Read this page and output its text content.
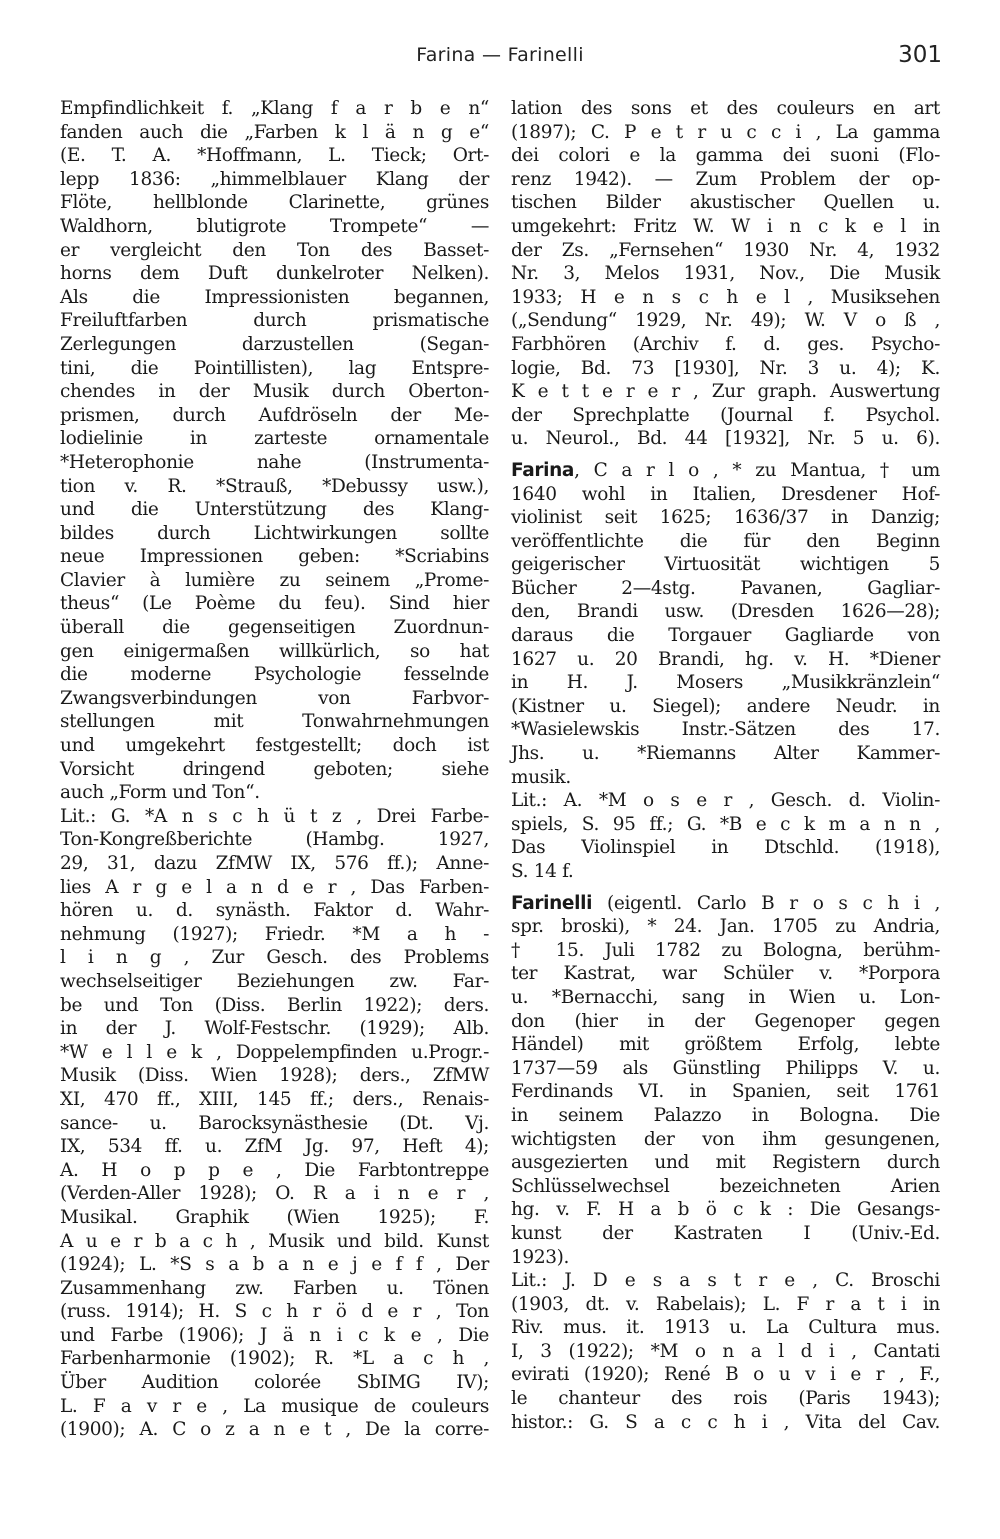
Farina — Farinelli	301
Empfindlichkeit f. „Klang f a r b e n“
fanden auch die „Farben k l ä n g e“
(E. T. A. *Hoffmann, L. Tieck; Ort-
lepp 1836: „himmelblauer Klang der
Flöte, hellblonde Clarinette, grünes
Waldhorn, blutigrote Trompete“ —
er vergleicht den Ton des Basset-
horns dem Duft dunkelroter Nelken).
Als die Impressionisten begannen,
Freiluftfarben durch prismatische
Zerlegungen darzustellen (Segan-
tini, die Pointillisten), lag Entspre-
chendes in der Musik durch Oberton-
prismen, durch Aufdröseln der Me-
lodielinie in zarteste ornamentale
*Heterophonie nahe (Instrumenta-
tion v. R. *Strauß, *Debussy usw.),
und die Unterstützung des Klang-
bildes durch Lichtwirkungen sollte
neue Impressionen geben: *Scriabins
Clavier à lumière zu seinem „Prome-
theus“ (Le Poème du feu). Sind hier
überall die gegenseitigen Zuordnun-
gen einigermaßen willkürlich, so hat
die moderne Psychologie fesselnde
Zwangsverbindungen von Farbvor-
stellungen mit Tonwahrnehmungen
und umgekehrt festgestellt; doch ist
Vorsicht dringend geboten; siehe
auch „Form und Ton“.
Lit.: G. *A n s c h ü t z , Drei Farbe-
Ton-Kongreßberichte (Hambg. 1927,
29, 31, dazu ZfMW IX, 576 ff.); Anne-
lies A r g e l a n d e r , Das Farben-
hören u. d. synästh. Faktor d. Wahr-
nehmung (1927); Friedr. *M a h -
l i n g , Zur Gesch. des Problems
wechselseitiger Beziehungen zw. Far-
be und Ton (Diss. Berlin 1922); ders.
in der J. Wolf-Festschr. (1929); Alb.
*W e l l e k , Doppelempfinden u.Progr.-
Musik (Diss. Wien 1928); ders., ZfMW
XI, 470 ff., XIII, 145 ff.; ders., Renais-
sance- u. Barocksynästhesie (Dt. Vj.
IX, 534 ff. u. ZfM Jg. 97, Heft 4);
A. H o p p e , Die Farbtontreppe
(Verden-Aller 1928); O. R a i n e r ,
Musikal. Graphik (Wien 1925); F.
A u e r b a c h , Musik und bild. Kunst
(1924); L. *S s a b a n e j e f f , Der
Zusammenhang zw. Farben u. Tönen
(russ. 1914); H. S c h r ö d e r , Ton
und Farbe (1906); J ä n i c k e , Die
Farbenharmonie (1902); R. *L a c h ,
Über Audition colorée SbIMG IV);
L. F a v r e , La musique de couleurs
(1900); A. C o z a n e t , De la corre-
lation des sons et des couleurs en art
(1897); C. P e t r u c c i , La gamma
dei colori e la gamma dei suoni (Flo-
renz 1942). — Zum Problem der op-
tischen Bilder akustischer Quellen u.
umgekehrt: Fritz W. W i n c k e l in
der Zs. „Fernsehen“ 1930 Nr. 4, 1932
Nr. 3, Melos 1931, Nov., Die Musik
1933; H e n s c h e l , Musiksehen
(„Sendung“ 1929, Nr. 49); W. V o ß ,
Farbhören (Archiv f. d. ges. Psycho-
logie, Bd. 73 [1930], Nr. 3 u. 4); K.
K e t t e r e r , Zur graph. Auswertung
der Sprechplatte (Journal f. Psychol.
u. Neurol., Bd. 44 [1932], Nr. 5 u. 6).
Farina, C a r l o , * zu Mantua, † um
1640 wohl in Italien, Dresdener Hof-
violinist seit 1625; 1636/37 in Danzig;
veröffentlichte die für den Beginn
geigerischer Virtuosität wichtigen 5
Bücher 2—4stg. Pavanen, Gagliar-
den, Brandi usw. (Dresden 1626—28);
daraus die Torgauer Gagliarde von
1627 u. 20 Brandi, hg. v. H. *Diener
in H. J. Mosers „Musikkränzlein“
(Kistner u. Siegel); andere Neudr. in
*Wasielewskis Instr.-Sätzen des 17.
Jhs. u. *Riemanns Alter Kammer-
musik.
Lit.: A. *M o s e r , Gesch. d. Violin-
spiels, S. 95 ff.; G. *B e c k m a n n ,
Das Violinspiel in Dtschld. (1918),
S. 14 f.
Farinelli (eigentl. Carlo B r o s c h i ,
spr. broski), * 24. Jan. 1705 zu Andria,
† 15. Juli 1782 zu Bologna, berühm-
ter Kastrat, war Schüler v. *Porpora
u. *Bernacchi, sang in Wien u. Lon-
don (hier in der Gegenoper gegen
Händel) mit größtem Erfolg, lebte
1737—59 als Günstling Philipps V. u.
Ferdinands VI. in Spanien, seit 1761
in seinem Palazzo in Bologna. Die
wichtigsten der von ihm gesungenen,
ausgezierten und mit Registern durch
Schlüsselwechsel bezeichneten Arien
hg. v. F. H a b ö c k : Die Gesangs-
kunst der Kastraten I (Univ.-Ed.
1923).
Lit.: J. D e s a s t r e , C. Broschi
(1903, dt. v. Rabelais); L. F r a t i in
Riv. mus. it. 1913 u. La Cultura mus.
I, 3 (1922); *M o n a l d i , Cantati
evirati (1920); René B o u v i e r , F.,
le chanteur des rois (Paris 1943);
histor.: G. S a c c h i , Vita del Cav.
